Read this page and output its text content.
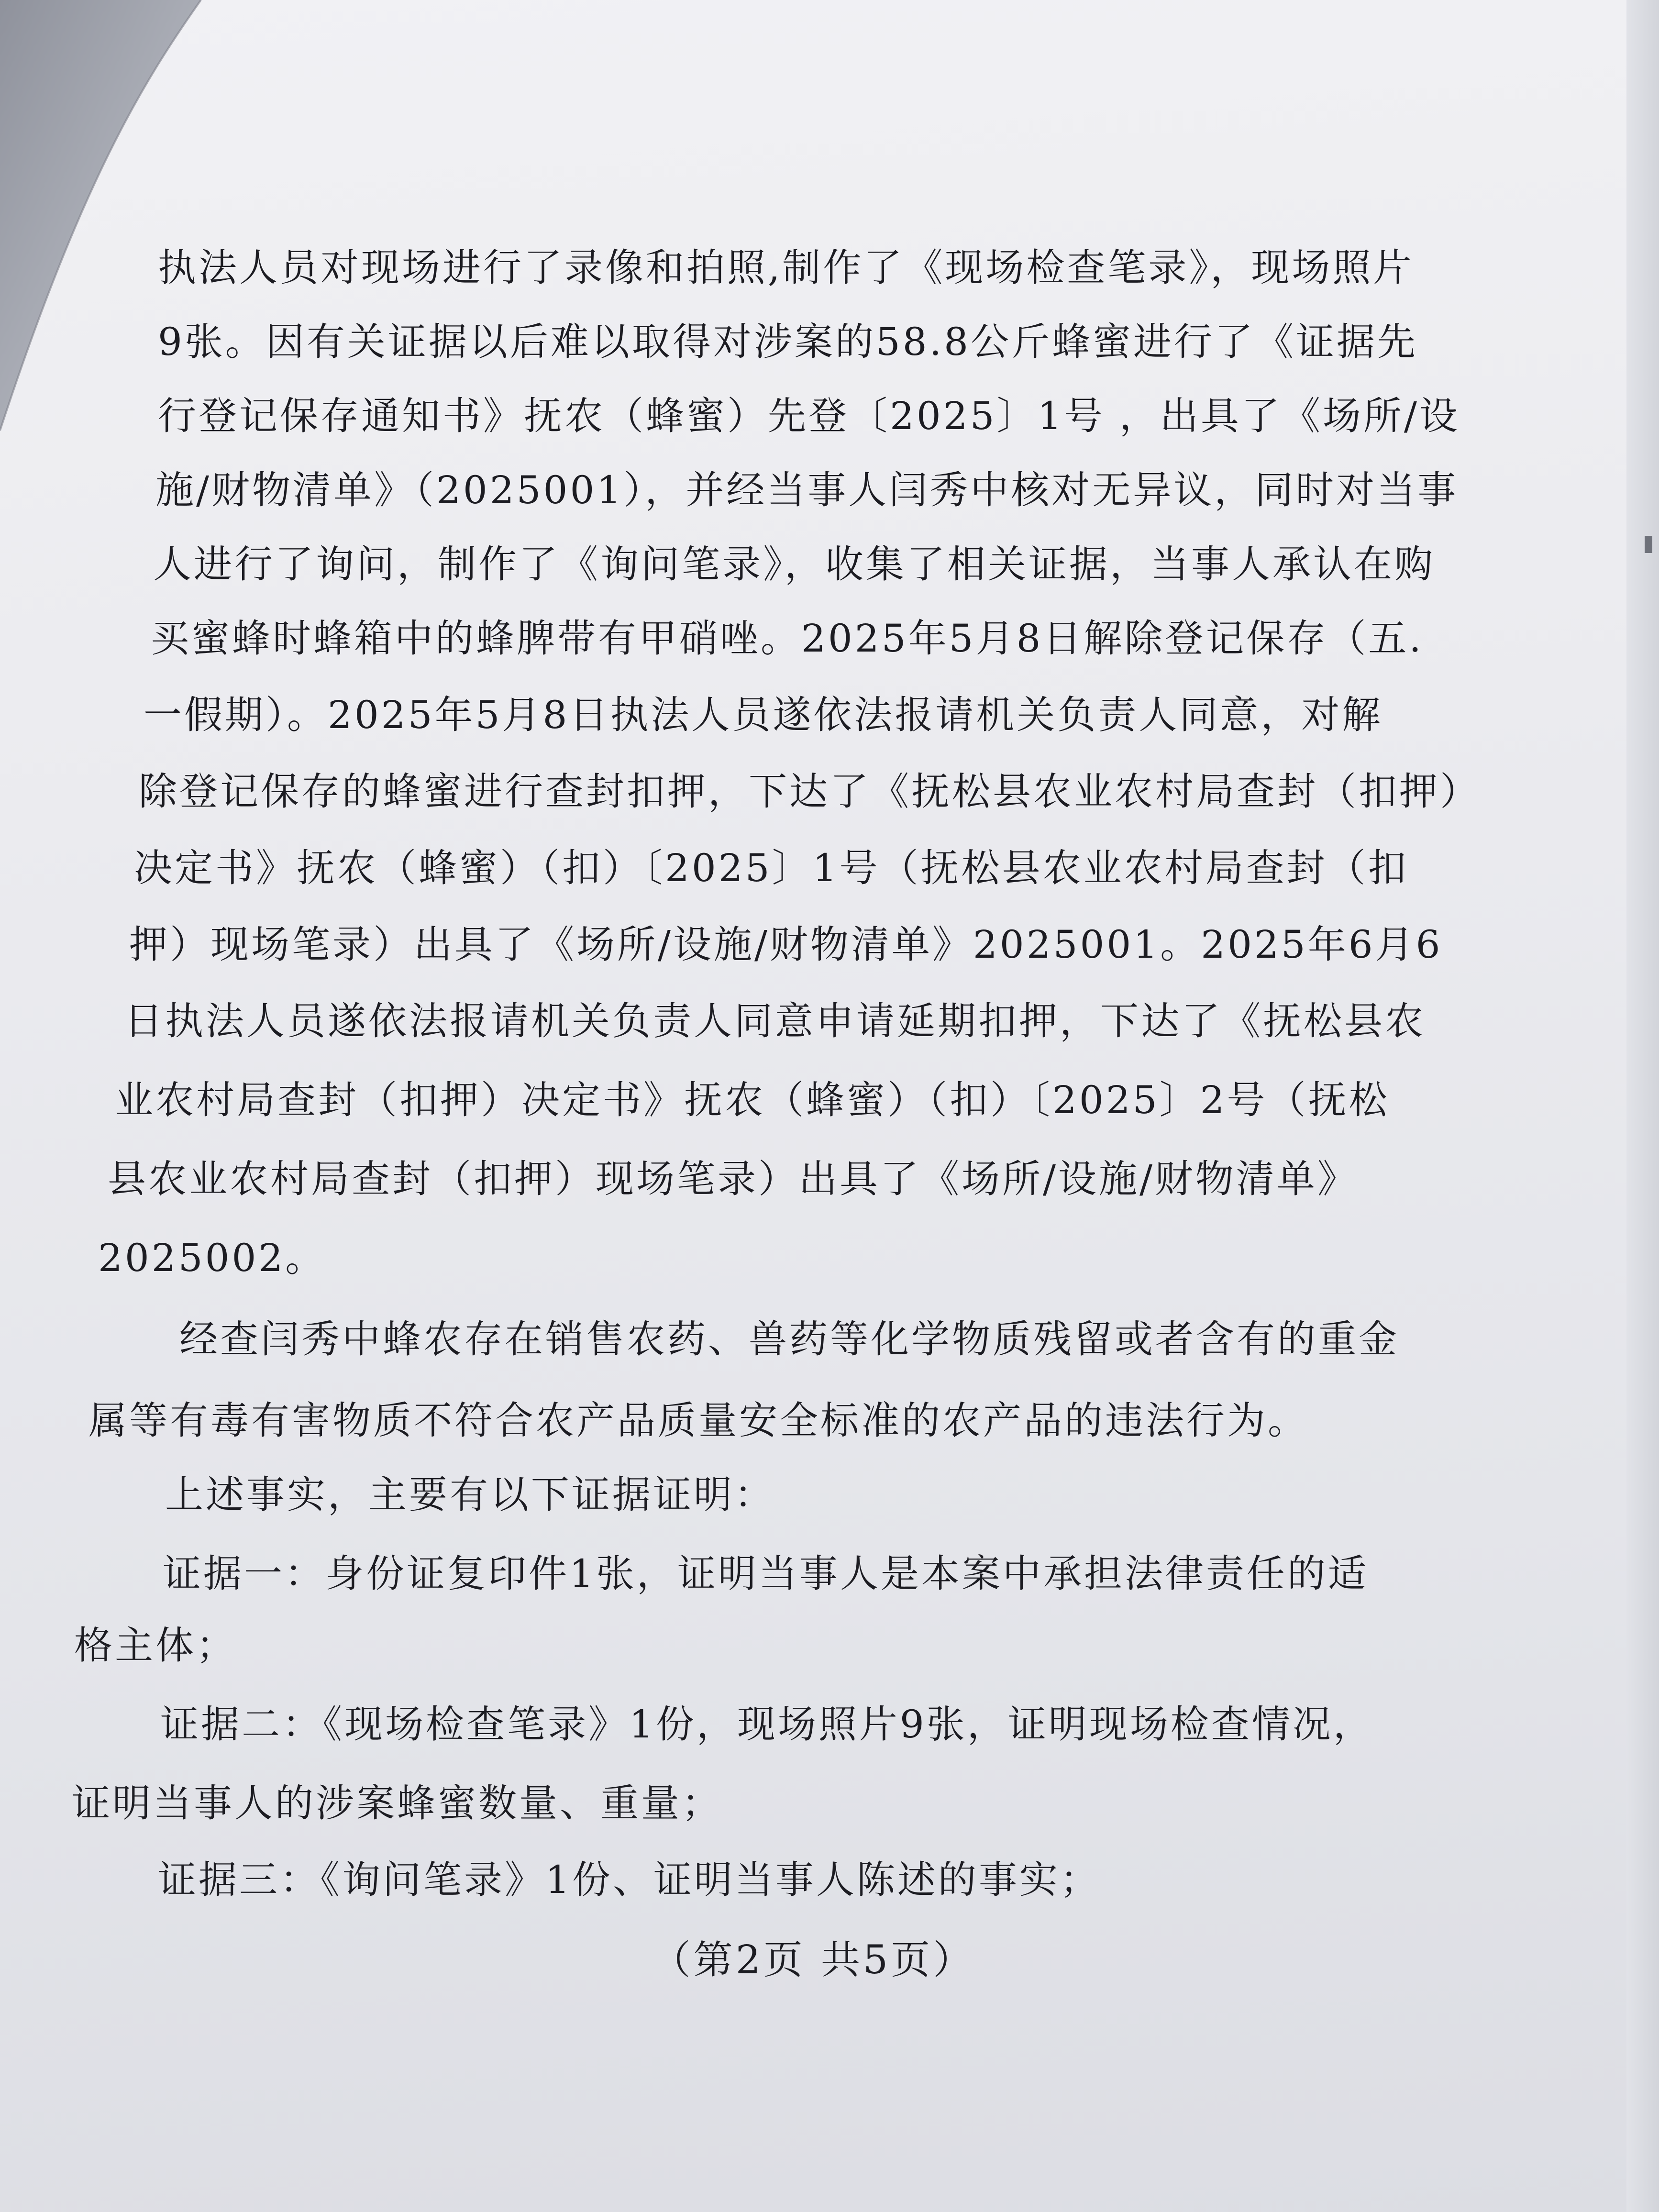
执法人员对现场进行了录像和拍照,制作了《现场检查笔录》，现场照片
9张。因有关证据以后难以取得对涉案的58.8公斤蜂蜜进行了《证据先
行登记保存通知书》抚农（蜂蜜）先登〔2025〕1号 ，出具了《场所/设
施/财物清单》（2025001），并经当事人闫秀中核对无异议，同时对当事
人进行了询问，制作了《询问笔录》，收集了相关证据，当事人承认在购
买蜜蜂时蜂箱中的蜂脾带有甲硝唑。2025年5月8日解除登记保存（五.
一假期）。2025年5月8日执法人员遂依法报请机关负责人同意，对解
除登记保存的蜂蜜进行查封扣押，下达了《抚松县农业农村局查封（扣押）
决定书》抚农（蜂蜜）（扣）〔2025〕1号（抚松县农业农村局查封（扣
押）现场笔录）出具了《场所/设施/财物清单》2025001。2025年6月6
日执法人员遂依法报请机关负责人同意申请延期扣押，下达了《抚松县农
业农村局查封（扣押）决定书》抚农（蜂蜜）（扣）〔2025〕2号（抚松
县农业农村局查封（扣押）现场笔录）出具了《场所/设施/财物清单》
2025002。
经查闫秀中蜂农存在销售农药、兽药等化学物质残留或者含有的重金
属等有毒有害物质不符合农产品质量安全标准的农产品的违法行为。
上述事实，主要有以下证据证明：
证据一：身份证复印件1张，证明当事人是本案中承担法律责任的适
格主体；
证据二：《现场检查笔录》1份，现场照片9张，证明现场检查情况，
证明当事人的涉案蜂蜜数量、重量；
证据三：《询问笔录》1份、证明当事人陈述的事实；
（第2页 共5页）
